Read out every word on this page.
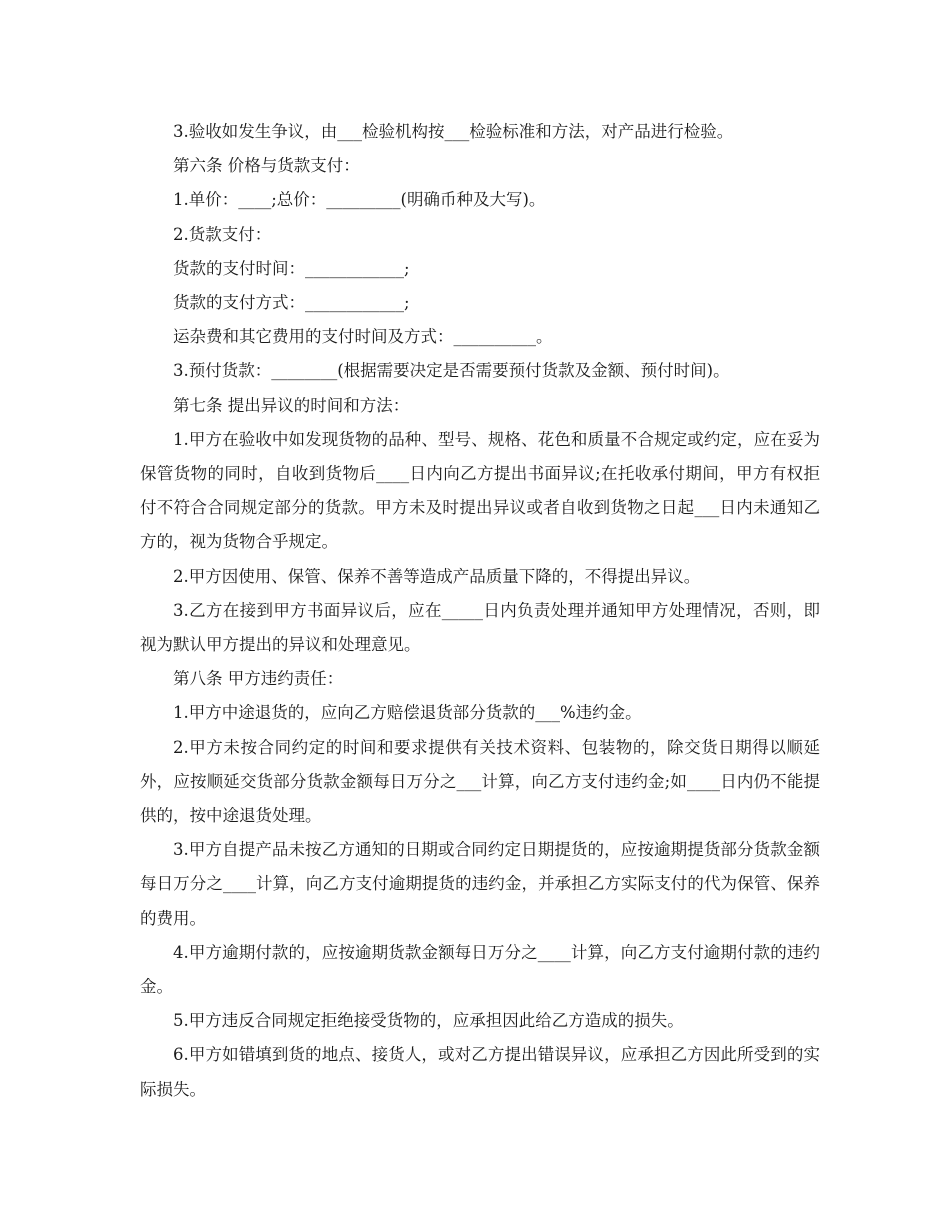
3.验收如发生争议，由___检验机构按___检验标准和方法，对产品进行检验。

第六条 价格与货款支付：

1.单价：____;总价：_________(明确币种及大写)。

2.货款支付：

货款的支付时间：____________;

货款的支付方式：____________;

运杂费和其它费用的支付时间及方式：__________。

3.预付货款：________(根据需要决定是否需要预付货款及金额、预付时间)。

第七条 提出异议的时间和方法：

1.甲方在验收中如发现货物的品种、型号、规格、花色和质量不合规定或约定，应在妥为保管货物的同时，自收到货物后____日内向乙方提出书面异议;在托收承付期间，甲方有权拒付不符合合同规定部分的货款。甲方未及时提出异议或者自收到货物之日起___日内未通知乙方的，视为货物合乎规定。

2.甲方因使用、保管、保养不善等造成产品质量下降的，不得提出异议。

3.乙方在接到甲方书面异议后，应在_____日内负责处理并通知甲方处理情况，否则，即视为默认甲方提出的异议和处理意见。

第八条 甲方违约责任：

1.甲方中途退货的，应向乙方赔偿退货部分货款的___%违约金。

2.甲方未按合同约定的时间和要求提供有关技术资料、包装物的，除交货日期得以顺延外，应按顺延交货部分货款金额每日万分之___计算，向乙方支付违约金;如____日内仍不能提供的，按中途退货处理。

3.甲方自提产品未按乙方通知的日期或合同约定日期提货的，应按逾期提货部分货款金额每日万分之____计算，向乙方支付逾期提货的违约金，并承担乙方实际支付的代为保管、保养的费用。

4.甲方逾期付款的，应按逾期货款金额每日万分之____计算，向乙方支付逾期付款的违约金。

5.甲方违反合同规定拒绝接受货物的，应承担因此给乙方造成的损失。

6.甲方如错填到货的地点、接货人，或对乙方提出错误异议，应承担乙方因此所受到的实际损失。
